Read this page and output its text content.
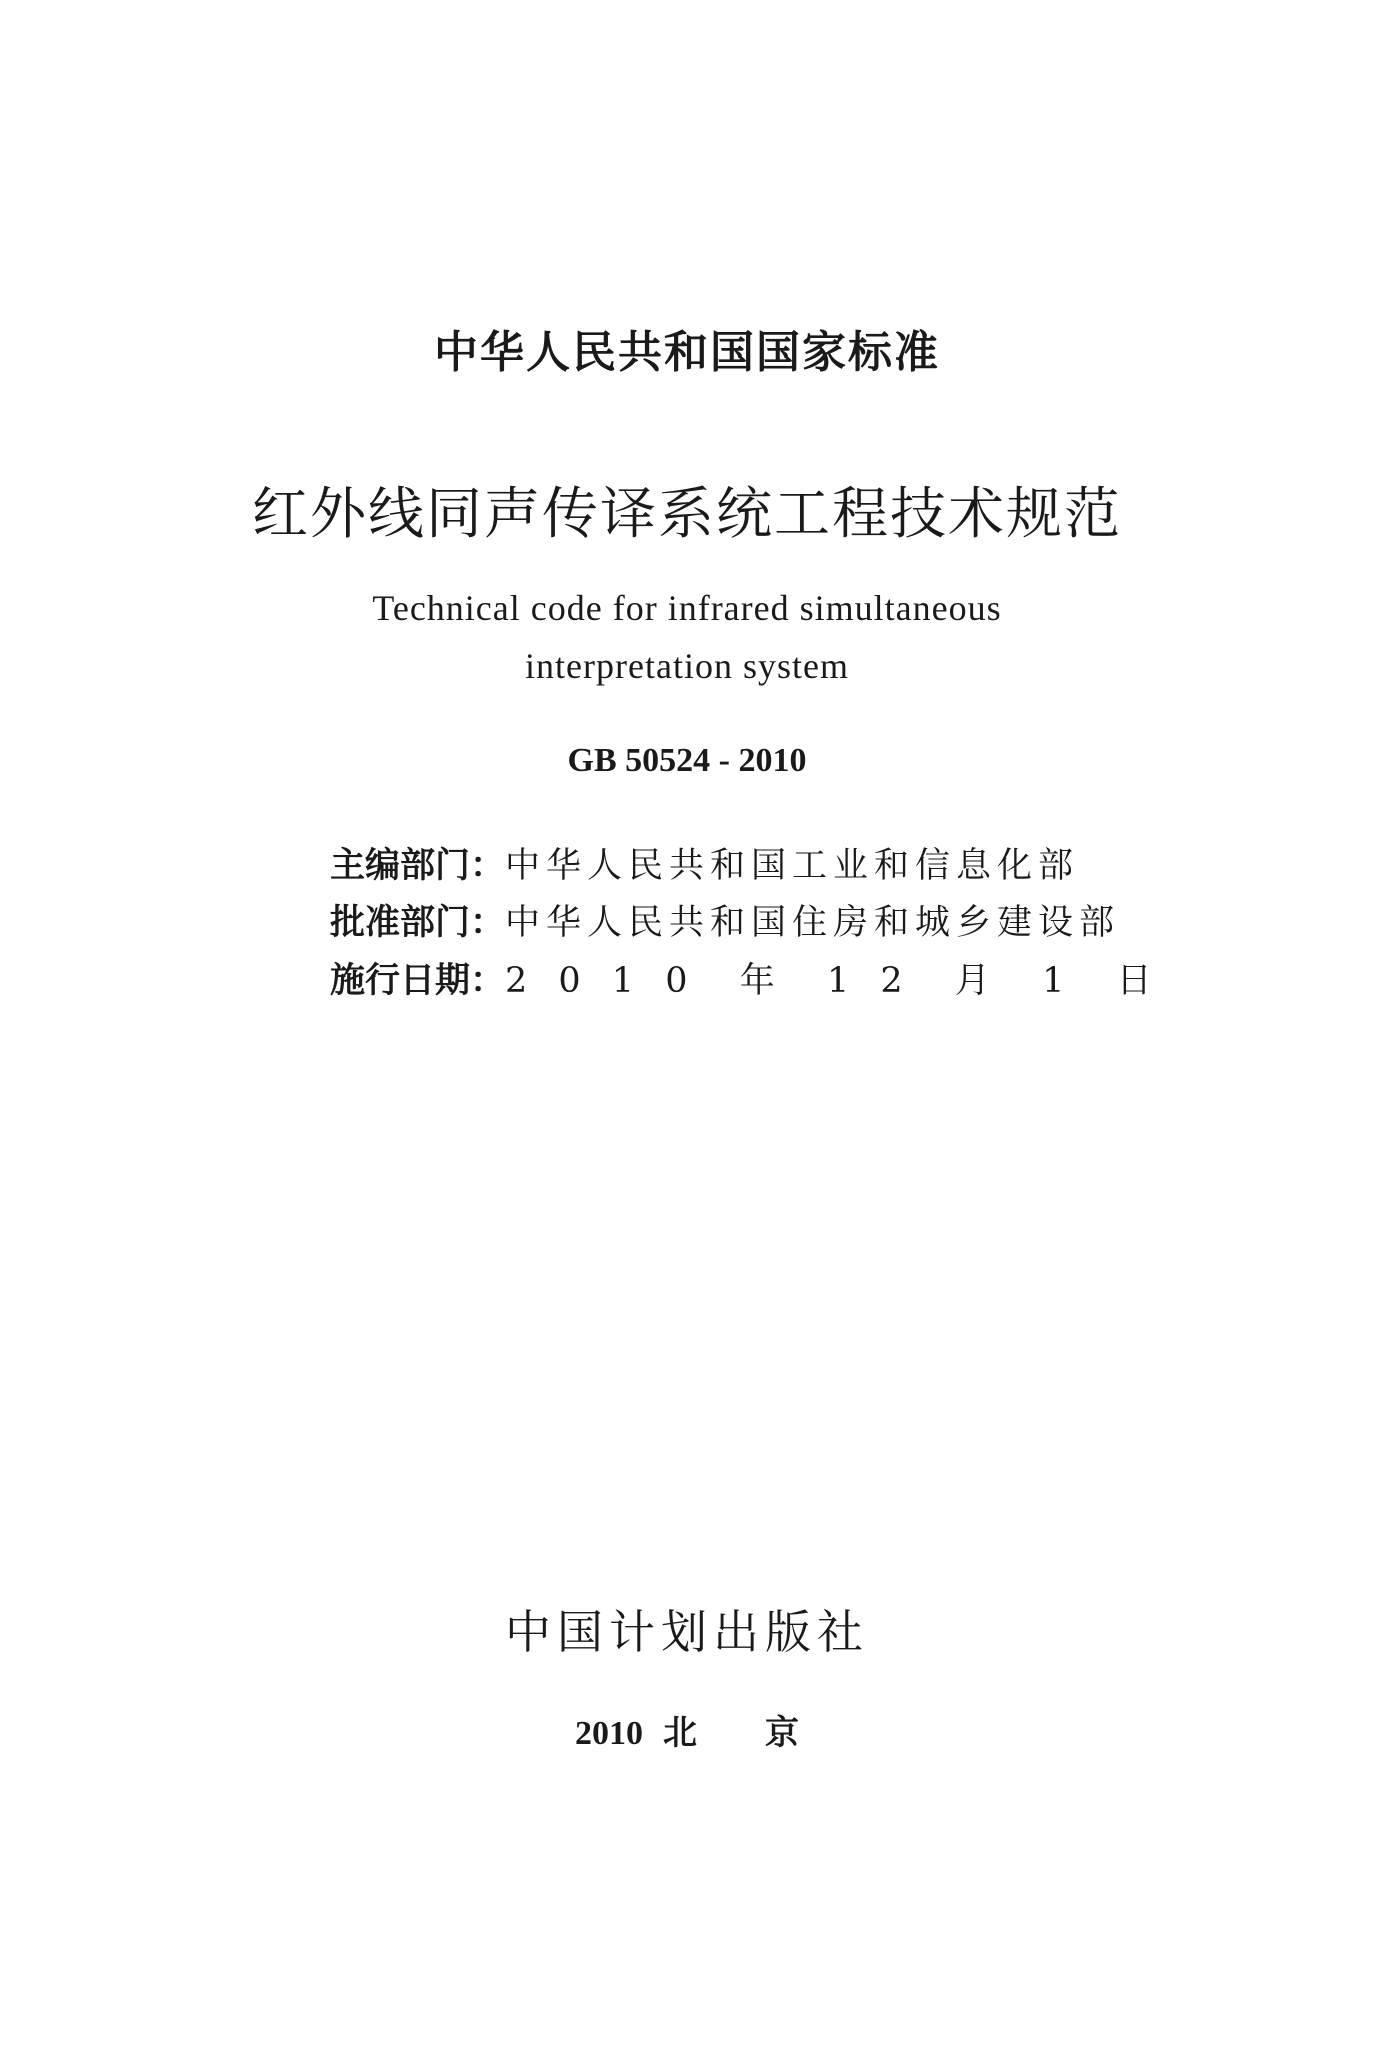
中华人民共和国国家标准
红外线同声传译系统工程技术规范
Technical code for infrared simultaneous
interpretation system
GB 50524 - 2010
主编部门：中华人民共和国工业和信息化部
批准部门：中华人民共和国住房和城乡建设部
施行日期：2 0 1 0  年  1 2  月  1  日
中国计划出版社
2010 北　　京
